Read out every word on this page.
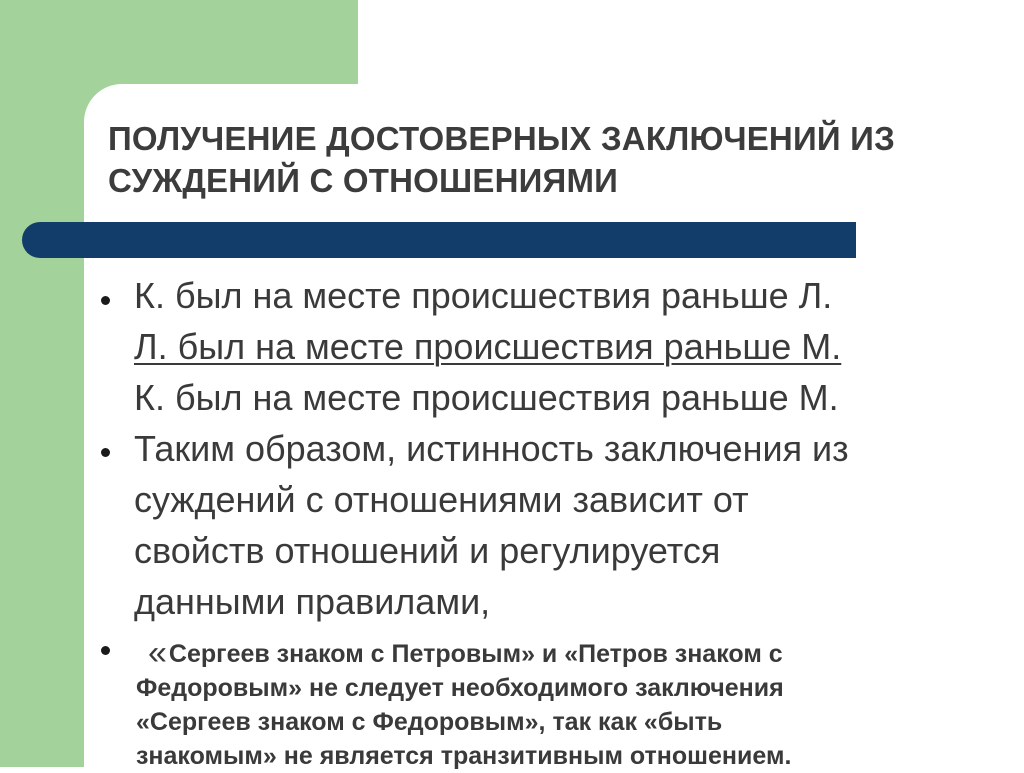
ПОЛУЧЕНИЕ ДОСТОВЕРНЫХ ЗАКЛЮЧЕНИЙ ИЗ
СУЖДЕНИЙ С ОТНОШЕНИЯМИ
К. был на месте происшествия раньше Л.
Л. был на месте происшествия раньше М.
К. был на месте происшествия раньше М.
Таким образом, истинность заключения из
суждений с отношениями зависит от
свойств отношений и регулируется
данными правилами,
«Сергеев знаком с Петровым» и «Петров знаком с
Федоровым» не следует необходимого заключения
«Сергеев знаком с Федоровым», так как «быть
знакомым» не является транзитивным отношением.
